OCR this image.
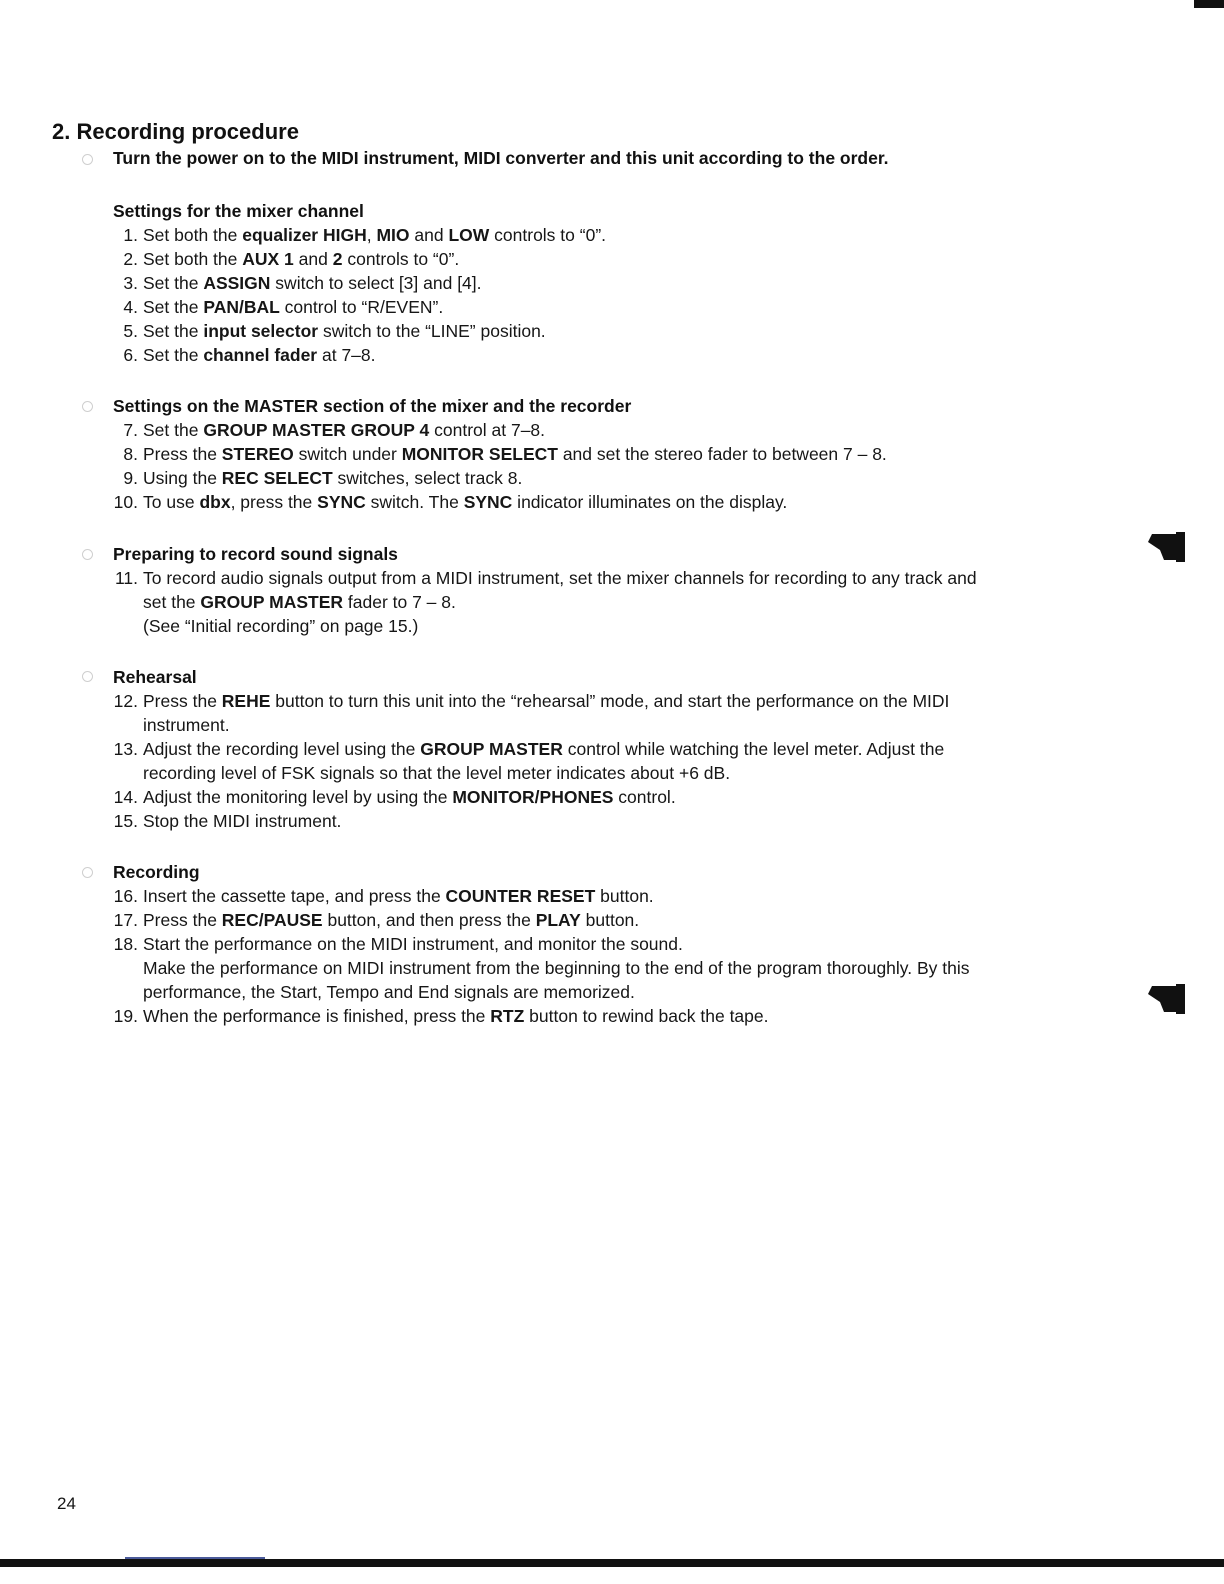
2. Recording procedure

Turn the power on to the MIDI instrument, MIDI converter and this unit according to the order.

Settings for the mixer channel

1. Set both the equalizer HIGH, MIO and LOW controls to “0”.

2. Set both the AUX 1 and 2 controls to “0”.

3. Set the ASSIGN switch to select [3] and [4].

4. Set the PAN/BAL control to “R/EVEN”.

5. Set the input selector switch to the “LINE” position.

6. Set the channel fader at 7–8.

Settings on the MASTER section of the mixer and the recorder

7. Set the GROUP MASTER GROUP 4 control at 7–8.

8. Press the STEREO switch under MONITOR SELECT and set the stereo fader to between 7 – 8.

9. Using the REC SELECT switches, select track 8.

10. To use dbx, press the SYNC switch. The SYNC indicator illuminates on the display.

Preparing to record sound signals

11. To record audio signals output from a MIDI instrument, set the mixer channels for recording to any track and

set the GROUP MASTER fader to 7 – 8.

(See “Initial recording” on page 15.)

Rehearsal

12. Press the REHE button to turn this unit into the “rehearsal” mode, and start the performance on the MIDI

instrument.

13. Adjust the recording level using the GROUP MASTER control while watching the level meter. Adjust the

recording level of FSK signals so that the level meter indicates about +6 dB.

14. Adjust the monitoring level by using the MONITOR/PHONES control.

15. Stop the MIDI instrument.

Recording

16. Insert the cassette tape, and press the COUNTER RESET button.

17. Press the REC/PAUSE button, and then press the PLAY button.

18. Start the performance on the MIDI instrument, and monitor the sound.

Make the performance on MIDI instrument from the beginning to the end of the program thoroughly. By this

performance, the Start, Tempo and End signals are memorized.

19. When the performance is finished, press the RTZ button to rewind back the tape.

24
